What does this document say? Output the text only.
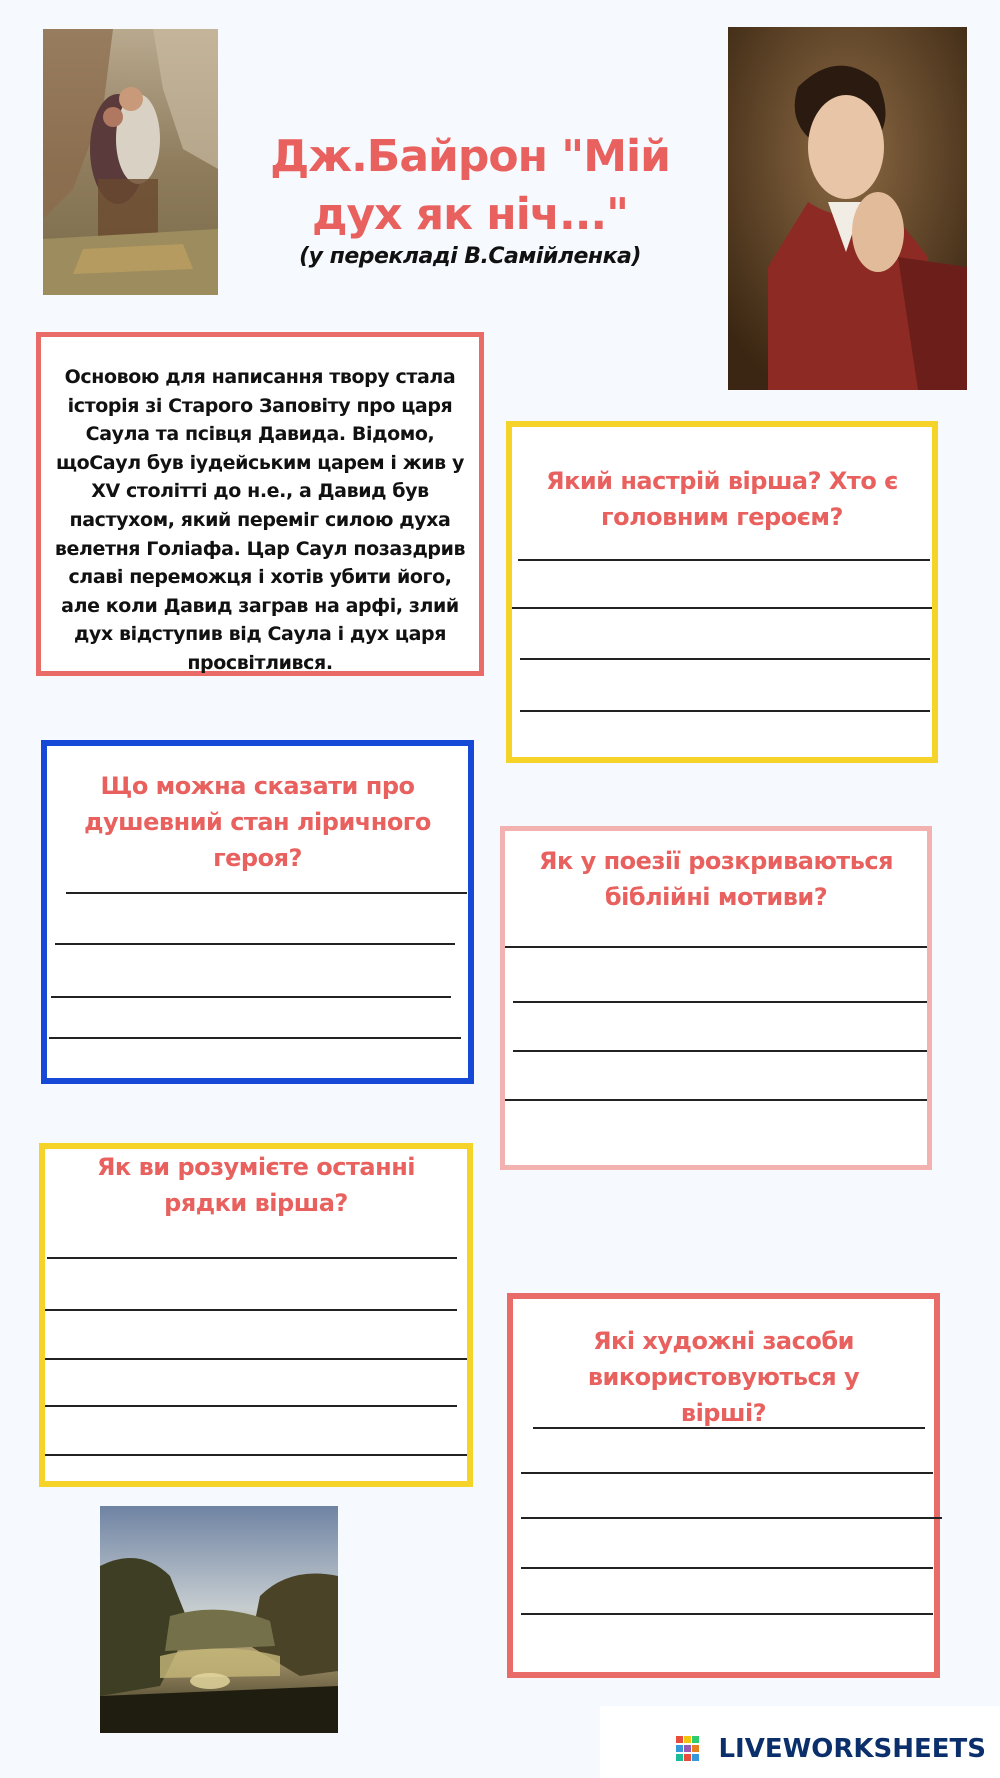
Дж.Байрон "Мій дух як ніч..."
(у перекладі В.Самійленка)
Основою для написання твору стала історія зі Старого Заповіту про царя Саула та псівця Давида. Відомо, щоСаул був іудейським царем і жив у XV столітті до н.е., а Давид був пастухом, який переміг силою духа велетня Голіафа. Цар Саул позаздрив славі переможця і хотів убити його, але коли Давид заграв на арфі, злий дух відступив від Саула і дух царя просвітлився.
Який настрій вірша? Хто є головним героєм?
Що можна сказати про душевний стан ліричного героя?	Як у поезії розкриваються біблійні мотиви?
Як ви розумієте останні рядки вірша?
Які художні засоби використовуються у вірші?
LIVEWORKSHEETS
